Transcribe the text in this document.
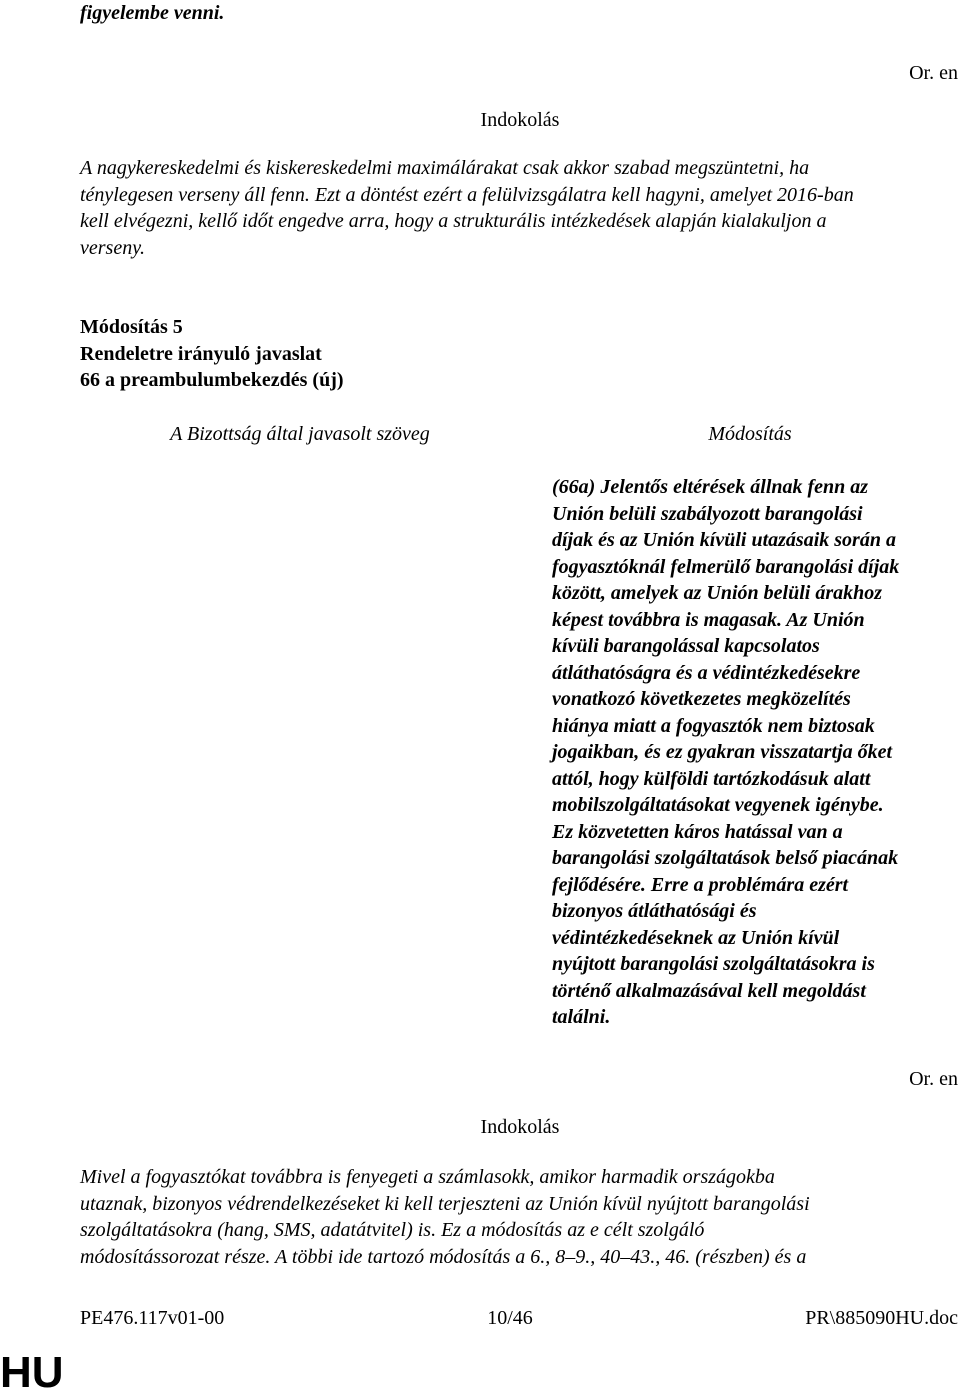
figyelembe venni.
Or. en
Indokolás
A nagykereskedelmi és kiskereskedelmi maximálárakat csak akkor szabad megszüntetni, ha
ténylegesen verseny áll fenn. Ezt a döntést ezért a felülvizsgálatra kell hagyni, amelyet 2016-ban
kell elvégezni, kellő időt engedve arra, hogy a strukturális intézkedések alapján kialakuljon a
verseny.
Módosítás 5
Rendeletre irányuló javaslat
66 a preambulumbekezdés (új)
A Bizottság által javasolt szöveg	Módosítás
(66a) Jelentős eltérések állnak fenn az
Unión belüli szabályozott barangolási
díjak és az Unión kívüli utazásaik során a
fogyasztóknál felmerülő barangolási díjak
között, amelyek az Unión belüli árakhoz
képest továbbra is magasak. Az Unión
kívüli barangolással kapcsolatos
átláthatóságra és a védintézkedésekre
vonatkozó következetes megközelítés
hiánya miatt a fogyasztók nem biztosak
jogaikban, és ez gyakran visszatartja őket
attól, hogy külföldi tartózkodásuk alatt
mobilszolgáltatásokat vegyenek igénybe.
Ez közvetetten káros hatással van a
barangolási szolgáltatások belső piacának
fejlődésére. Erre a problémára ezért
bizonyos átláthatósági és
védintézkedéseknek az Unión kívül
nyújtott barangolási szolgáltatásokra is
történő alkalmazásával kell megoldást
találni.
Or. en
Indokolás
Mivel a fogyasztókat továbbra is fenyegeti a számlasokk, amikor harmadik országokba
utaznak, bizonyos védrendelkezéseket ki kell terjeszteni az Unión kívül nyújtott barangolási
szolgáltatásokra (hang, SMS, adatátvitel) is. Ez a módosítás az e célt szolgáló
módosítássorozat része. A többi ide tartozó módosítás a 6., 8–9., 40–43., 46. (részben) és a
PE476.117v01-00	10/46	PR\885090HU.doc
HU
